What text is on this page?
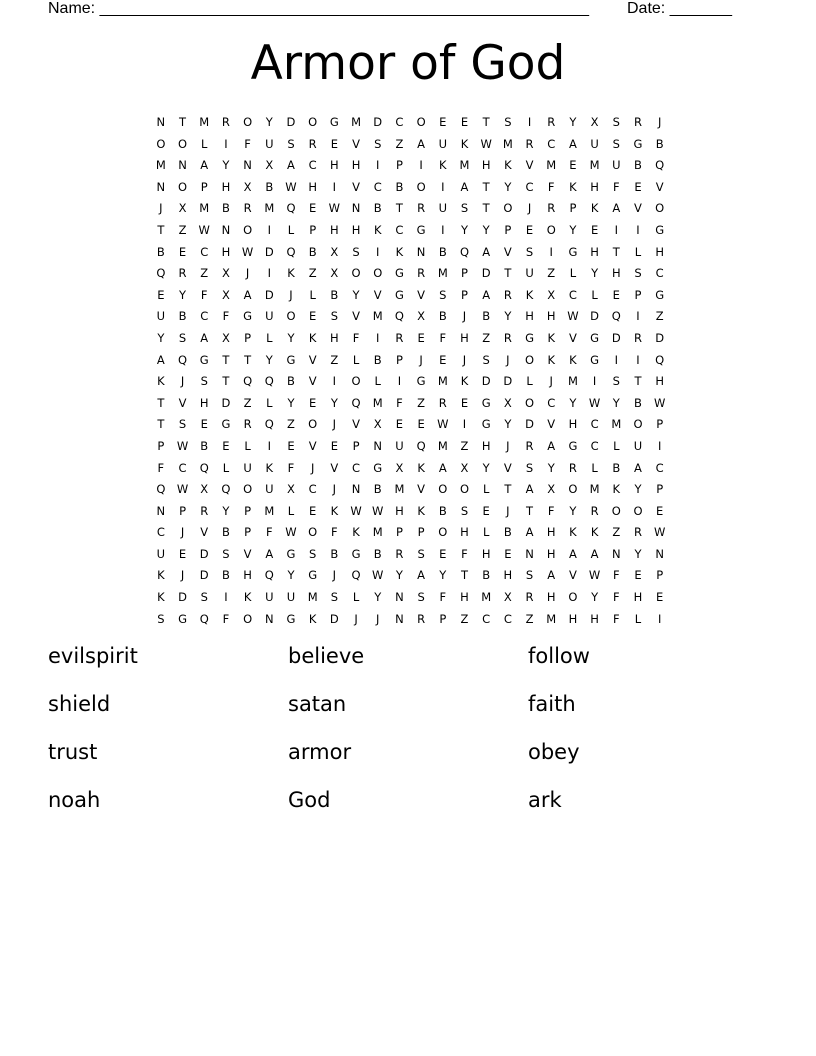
Name: _______________________________________________________ Date: _______
Armor of God
N	T	M	R	O	Y	D	O	G	M	D	C	O	E	E	T	S	I	R	Y	X	S	R	J
O	O	L	I	F	U	S	R	E	V	S	Z	A	U	K	W M	R	C	A	U	S	G	B
M	N	A	Y	N	X	A	C	H	H	I	P	I	K	M	H	K	V	M	E	M	U	B	Q
N	O	P	H	X	B	W	H	I	V	C	B	O	I	A	T	Y	C	F	K	H	F	E	V
J	X	M	B	R	M	Q	E	W	N	B	T	R	U	S	T	O	J	R	P	K	A	V	O
T	Z	W	N	O	I	L	P	H	H	K	C	G	I	Y	Y	P	E	O	Y	E	I	I	G
B	E	C	H	W	D	Q	B	X	S	I	K	N	B	Q	A	V	S	I	G	H	T	L	H
Q	R	Z	X	J	I	K	Z	X	O	O	G	R	M	P	D	T	U	Z	L	Y	H	S	C
E	Y	F	X	A	D	J	L	B	Y	V	G	V	S	P	A	R	K	X	C	L	E	P	G
U	B	C	F	G	U	O	E	S	V	M	Q	X	B	J	B	Y	H	H	W	D	Q	I	Z
Y	S	A	X	P	L	Y	K	H	F	I	R	E	F	H	Z	R	G	K	V	G	D	R	D
A	Q	G	T	T	Y	G	V	Z	L	B	P	J	E	J	S	J	O	K	K	G	I	I	Q
K	J	S	T	Q	Q	B	V	I	O	L	I	G	M	K	D	D	L	J	M	I	S	T	H
T	V	H	D	Z	L	Y	E	Y	Q	M	F	Z	R	E	G	X	O	C	Y	W	Y	B	W
T	S	E	G	R	Q	Z	O	J	V	X	E	E	W	I	G	Y	D	V	H	C	M	O	P
P	W	B	E	L	I	E	V	E	P	N	U	Q	M	Z	H	J	R	A	G	C	L	U	I
F	C	Q	L	U	K	F	J	V	C	G	X	K	A	X	Y	V	S	Y	R	L	B	A	C
Q W	X	Q	O	U	X	C	J	N	B	M	V	O	O	L	T	A	X	O	M	K	Y	P
N	P	R	Y	P	M	L	E	K	W W	H	K	B	S	E	J	T	F	Y	R	O	O	E
C	J	V	B	P	F	W O	F	K	M	P	P	O	H	L	B	A	H	K	K	Z	R	W
U	E	D	S	V	A	G	S	B	G	B	R	S	E	F	H	E	N	H	A	A	N	Y	N
K	J	D	B	H	Q	Y	G	J	Q W	Y	A	Y	T	B	H	S	A	V	W	F	E	P
K	D	S	I	K	U	U	M	S	L	Y	N	S	F	H	M	X	R	H	O	Y	F	H	E
S	G	Q	F	O	N	G	K	D	J	J	N	R	P	Z	C	C	Z	M	H	H	F	L	I
evilspirit	believe	follow
shield	satan	faith
trust	armor	obey
noah	God	ark
